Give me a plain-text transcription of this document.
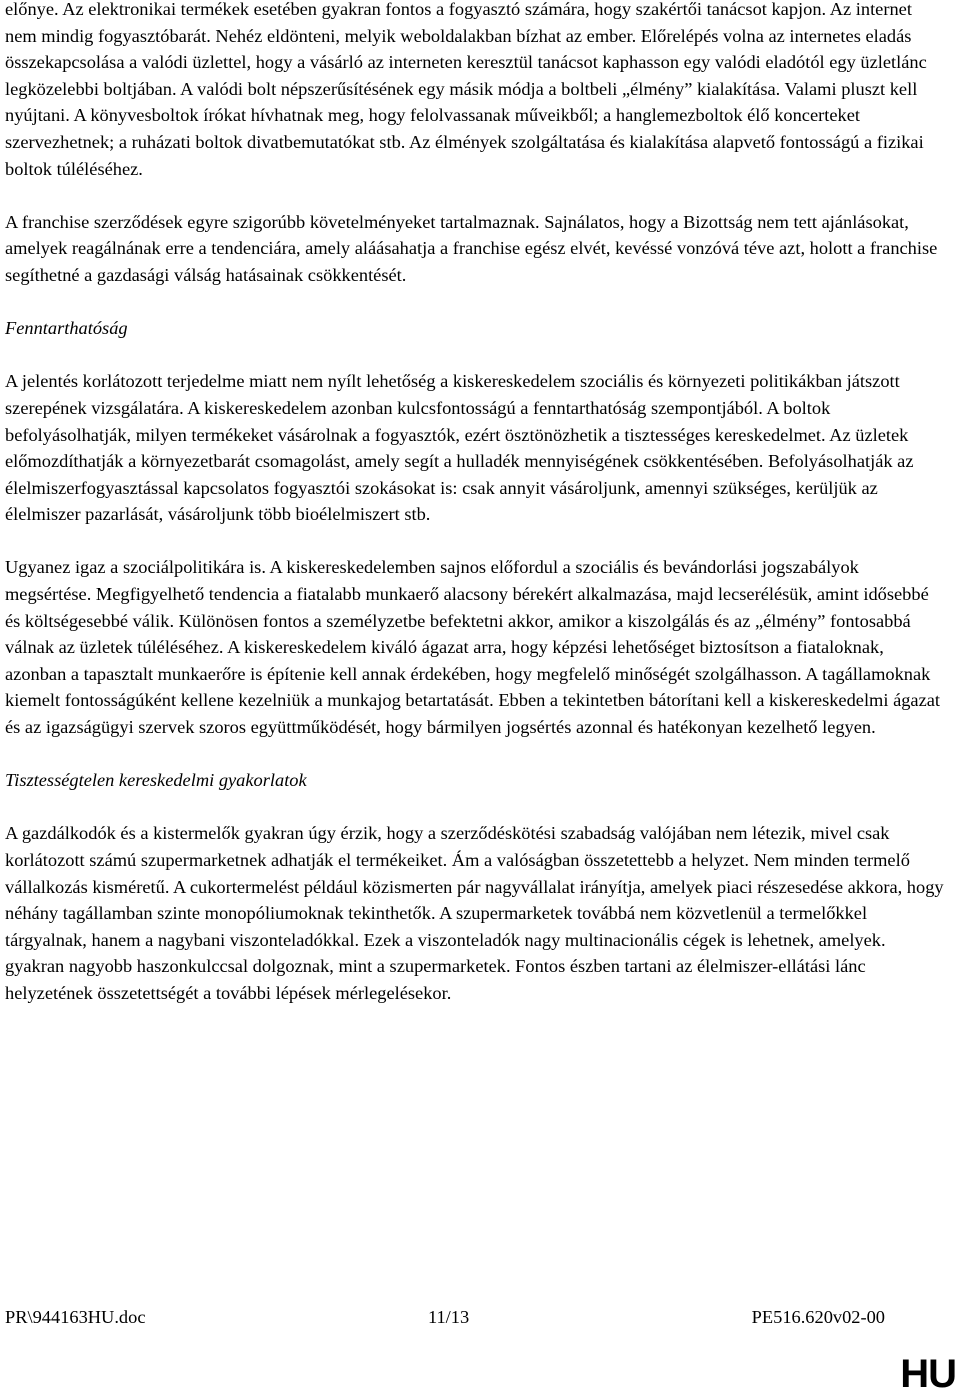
előnye. Az elektronikai termékek esetében gyakran fontos a fogyasztó számára, hogy szakértői tanácsot kapjon. Az internet nem mindig fogyasztóbarát. Nehéz eldönteni, melyik weboldalakban bízhat az ember. Előrelépés volna az internetes eladás összekapcsolása a valódi üzlettel, hogy a vásárló az interneten keresztül tanácsot kaphasson egy valódi eladótól egy üzletlánc legközelebbi boltjában. A valódi bolt népszerűsítésének egy másik módja a boltbeli „élmény” kialakítása. Valami pluszt kell nyújtani. A könyvesboltok írókat hívhatnak meg, hogy felolvassanak műveikből; a hanglemezboltok élő koncerteket szervezhetnek; a ruházati boltok divatbemutatókat stb. Az élmények szolgáltatása és kialakítása alapvető fontosságú a fizikai boltok túléléséhez.

A franchise szerződések egyre szigorúbb követelményeket tartalmaznak. Sajnálatos, hogy a Bizottság nem tett ajánlásokat, amelyek reagálnának erre a tendenciára, amely aláásahatja a franchise egész elvét, kevéssé vonzóvá téve azt, holott a franchise segíthetné a gazdasági válság hatásainak csökkentését.

Fenntarthatóság

A jelentés korlátozott terjedelme miatt nem nyílt lehetőség a kiskereskedelem szociális és környezeti politikákban játszott szerepének vizsgálatára. A kiskereskedelem azonban kulcsfontosságú a fenntarthatóság szempontjából. A boltok befolyásolhatják, milyen termékeket vásárolnak a fogyasztók, ezért ösztönözhetik a tisztességes kereskedelmet. Az üzletek előmozdíthatják a környezetbarát csomagolást, amely segít a hulladék mennyiségének csökkentésében. Befolyásolhatják az élelmiszerfogyasztással kapcsolatos fogyasztói szokásokat is: csak annyit vásároljunk, amennyi szükséges, kerüljük az élelmiszer pazarlását, vásároljunk több bioélelmiszert stb.

Ugyanez igaz a szociálpolitikára is. A kiskereskedelemben sajnos előfordul a szociális és bevándorlási jogszabályok megsértése. Megfigyelhető tendencia a fiatalabb munkaerő alacsony bérekért alkalmazása, majd lecserélésük, amint idősebbé és költségesebbé válik. Különösen fontos a személyzetbe befektetni akkor, amikor a kiszolgálás és az „élmény” fontosabbá válnak az üzletek túléléséhez. A kiskereskedelem kiváló ágazat arra, hogy képzési lehetőséget biztosítson a fiataloknak, azonban a tapasztalt munkaerőre is építenie kell annak érdekében, hogy megfelelő minőségét szolgálhasson. A tagállamoknak kiemelt fontosságúként kellene kezelniük a munkajog betartatását. Ebben a tekintetben bátorítani kell a kiskereskedelmi ágazat és az igazságügyi szervek szoros együttműködését, hogy bármilyen jogsértés azonnal és hatékonyan kezelhető legyen.

Tisztességtelen kereskedelmi gyakorlatok

A gazdálkodók és a kistermelők gyakran úgy érzik, hogy a szerződéskötési szabadság valójában nem létezik, mivel csak korlátozott számú szupermarketnek adhatják el termékeiket. Ám a valóságban összetettebb a helyzet. Nem minden termelő vállalkozás kisméretű. A cukortermelést például közismerten pár nagyvállalat irányítja, amelyek piaci részesedése akkora, hogy néhány tagállamban szinte monopóliumoknak tekinthetők. A szupermarketek továbbá nem közvetlenül a termelőkkel tárgyalnak, hanem a nagybani viszonteladókkal. Ezek a viszonteladók nagy multinacionális cégek is lehetnek, amelyek. gyakran nagyobb haszonkulccsal dolgoznak, mint a szupermarketek. Fontos észben tartani az élelmiszer-ellátási lánc helyzetének összetettségét a további lépések mérlegelésekor.

PR\944163HU.doc	11/13	PE516.620v02-00
HU
